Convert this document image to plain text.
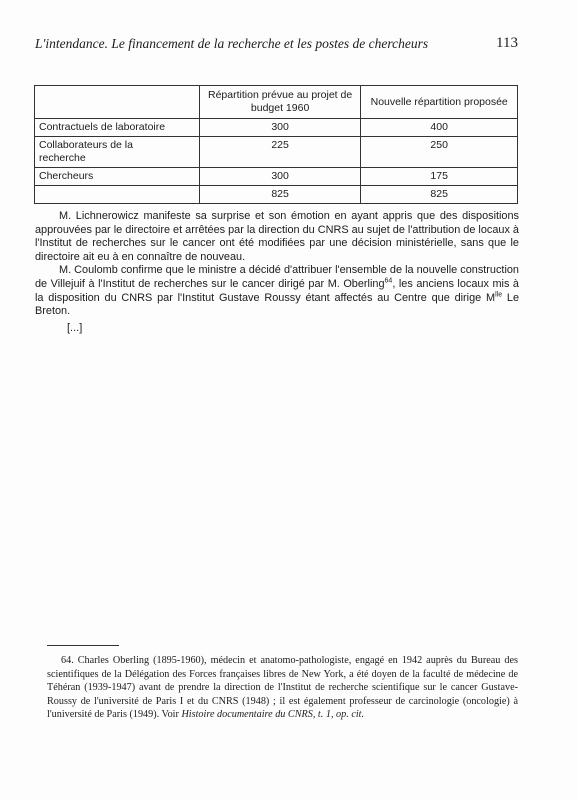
L'intendance. Le financement de la recherche et les postes de chercheurs	113
	Répartition prévue au projet de budget 1960	Nouvelle répartition proposée
Contractuels de laboratoire	300	400
Collaborateurs de la recherche	225	250
Chercheurs	300	175
	825	825

M. Lichnerowicz manifeste sa surprise et son émotion en ayant appris que des dispositions approuvées par le directoire et arrêtées par la direction du CNRS au sujet de l'attribution de locaux à l'Institut de recherches sur le cancer ont été modifiées par une décision ministérielle, sans que le directoire ait eu à en connaître de nouveau.

M. Coulomb confirme que le ministre a décidé d'attribuer l'ensemble de la nouvelle construction de Villejuif à l'Institut de recherches sur le cancer dirigé par M. Oberling$^{64}$, les anciens locaux mis à la disposition du CNRS par l'Institut Gustave Roussy étant affectés au Centre que dirige $M^{lle}$ Le Breton.

[...]

64. Charles Oberling (1895-1960), médecin et anatomo-pathologiste, engagé en 1942 auprès du Bureau des scientifiques de la Délégation des Forces françaises libres de New York, a été doyen de la faculté de médecine de Téhéran (1939-1947) avant de prendre la direction de l'Institut de recherche scientifique sur le cancer Gustave-Roussy de l'université de Paris I et du CNRS (1948) ; il est également professeur de carcinologie (oncologie) à l'université de Paris (1949). Voir Histoire documentaire du CNRS, t. 1, op. cit.
